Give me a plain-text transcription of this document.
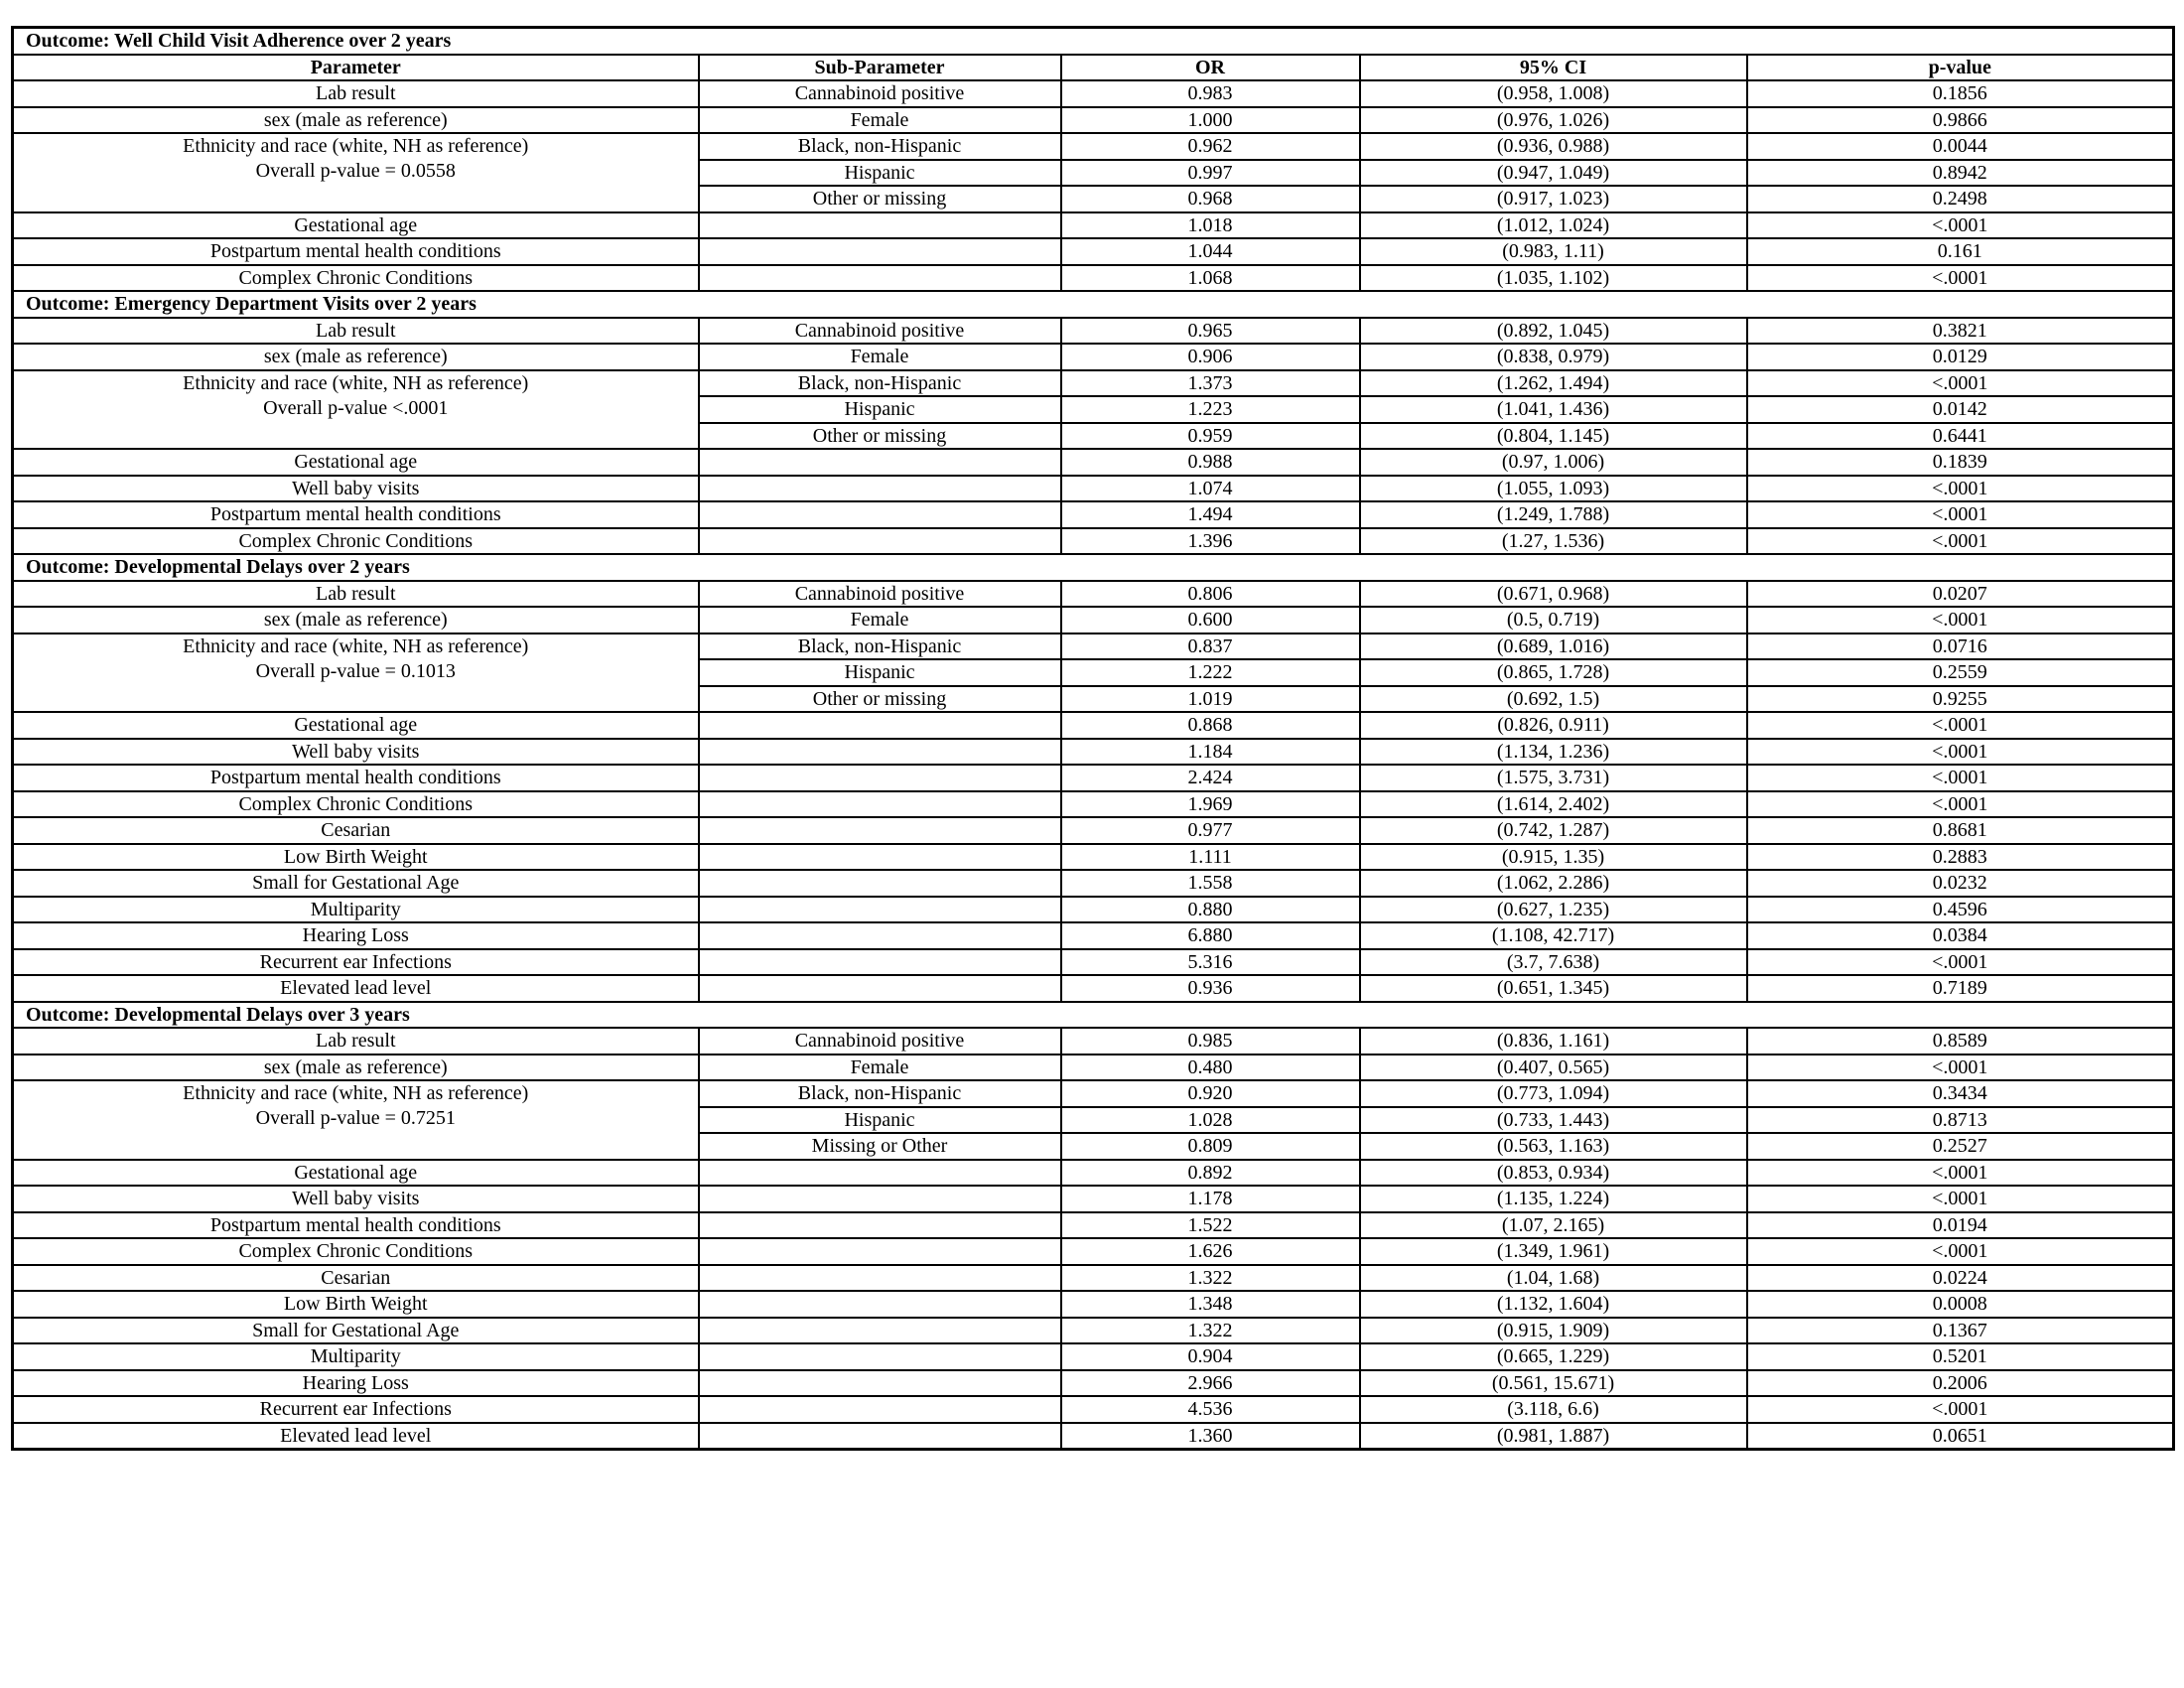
Outcome: Well Child Visit Adherence over 2 years				
Parameter	Sub-Parameter	OR	95% CI	p-value
Lab result	Cannabinoid positive	0.983	(0.958, 1.008)	0.1856
sex (male as reference)	Female	1.000	(0.976, 1.026)	0.9866

Ethnicity and race (white, NH as reference)
Overall p-value = 0.0558	Black, non-Hispanic	0.962	(0.936, 0.988)	0.0044
	Hispanic	0.997	(0.947, 1.049)	0.8942
	Other or missing	0.968	(0.917, 1.023)	0.2498
Gestational age		1.018	(1.012, 1.024)	<.0001
Postpartum mental health conditions		1.044	(0.983, 1.11)	0.161
Complex Chronic Conditions		1.068	(1.035, 1.102)	<.0001
Outcome: Emergency Department Visits over 2 years				
Lab result	Cannabinoid positive	0.965	(0.892, 1.045)	0.3821
sex (male as reference)	Female	0.906	(0.838, 0.979)	0.0129

Ethnicity and race (white, NH as reference)
Overall p-value <.0001	Black, non-Hispanic	1.373	(1.262, 1.494)	<.0001
	Hispanic	1.223	(1.041, 1.436)	0.0142
	Other or missing	0.959	(0.804, 1.145)	0.6441
Gestational age		0.988	(0.97, 1.006)	0.1839
Well baby visits		1.074	(1.055, 1.093)	<.0001
Postpartum mental health conditions		1.494	(1.249, 1.788)	<.0001
Complex Chronic Conditions		1.396	(1.27, 1.536)	<.0001
Outcome: Developmental Delays over 2 years				
Lab result	Cannabinoid positive	0.806	(0.671, 0.968)	0.0207
sex (male as reference)	Female	0.600	(0.5, 0.719)	<.0001

Ethnicity and race (white, NH as reference)
Overall p-value = 0.1013	Black, non-Hispanic	0.837	(0.689, 1.016)	0.0716
	Hispanic	1.222	(0.865, 1.728)	0.2559
	Other or missing	1.019	(0.692, 1.5)	0.9255
Gestational age		0.868	(0.826, 0.911)	<.0001
Well baby visits		1.184	(1.134, 1.236)	<.0001
Postpartum mental health conditions		2.424	(1.575, 3.731)	<.0001
Complex Chronic Conditions		1.969	(1.614, 2.402)	<.0001
Cesarian		0.977	(0.742, 1.287)	0.8681
Low Birth Weight		1.111	(0.915, 1.35)	0.2883
Small for Gestational Age		1.558	(1.062, 2.286)	0.0232
Multiparity		0.880	(0.627, 1.235)	0.4596
Hearing Loss		6.880	(1.108, 42.717)	0.0384
Recurrent ear Infections		5.316	(3.7, 7.638)	<.0001
Elevated lead level		0.936	(0.651, 1.345)	0.7189
Outcome: Developmental Delays over 3 years				
Lab result	Cannabinoid positive	0.985	(0.836, 1.161)	0.8589
sex (male as reference)	Female	0.480	(0.407, 0.565)	<.0001

Ethnicity and race (white, NH as reference)
Overall p-value = 0.7251	Black, non-Hispanic	0.920	(0.773, 1.094)	0.3434
	Hispanic	1.028	(0.733, 1.443)	0.8713
	Missing or Other	0.809	(0.563, 1.163)	0.2527
Gestational age		0.892	(0.853, 0.934)	<.0001
Well baby visits		1.178	(1.135, 1.224)	<.0001
Postpartum mental health conditions		1.522	(1.07, 2.165)	0.0194
Complex Chronic Conditions		1.626	(1.349, 1.961)	<.0001
Cesarian		1.322	(1.04, 1.68)	0.0224
Low Birth Weight		1.348	(1.132, 1.604)	0.0008
Small for Gestational Age		1.322	(0.915, 1.909)	0.1367
Multiparity		0.904	(0.665, 1.229)	0.5201
Hearing Loss		2.966	(0.561, 15.671)	0.2006
Recurrent ear Infections		4.536	(3.118, 6.6)	<.0001
Elevated lead level		1.360	(0.981, 1.887)	0.0651
